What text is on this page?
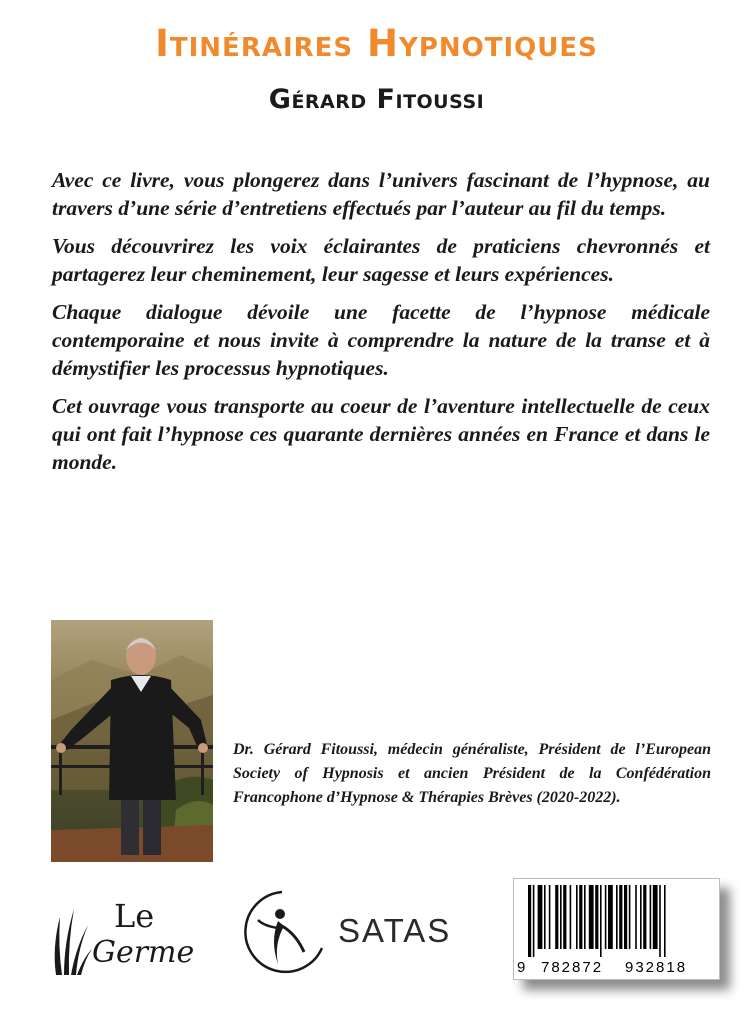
Itinéraires Hypnotiques
Gérard Fitoussi

Avec ce livre, vous plongerez dans l’univers fascinant de l’hypnose, au travers d’une série d’entretiens effectués par l’auteur au fil du temps.

Vous découvrirez les voix éclairantes de praticiens chevronnés et partagerez leur cheminement, leur sagesse et leurs expériences.

Chaque dialogue dévoile une facette de l’hypnose médicale contemporaine et nous invite à comprendre la nature de la transe et à démystifier les processus hypnotiques.

Cet ouvrage vous transporte au coeur de l’aventure intellectuelle de ceux qui ont fait l’hypnose ces quarante dernières années en France et dans le monde.

Dr. Gérard Fitoussi, médecin généraliste, Président de l’European Society of Hypnosis et ancien Président de la Confédération Francophone d’Hypnose & Thérapies Brèves (2020-2022).

Le
Germe
SATAS
9 782872 932818
